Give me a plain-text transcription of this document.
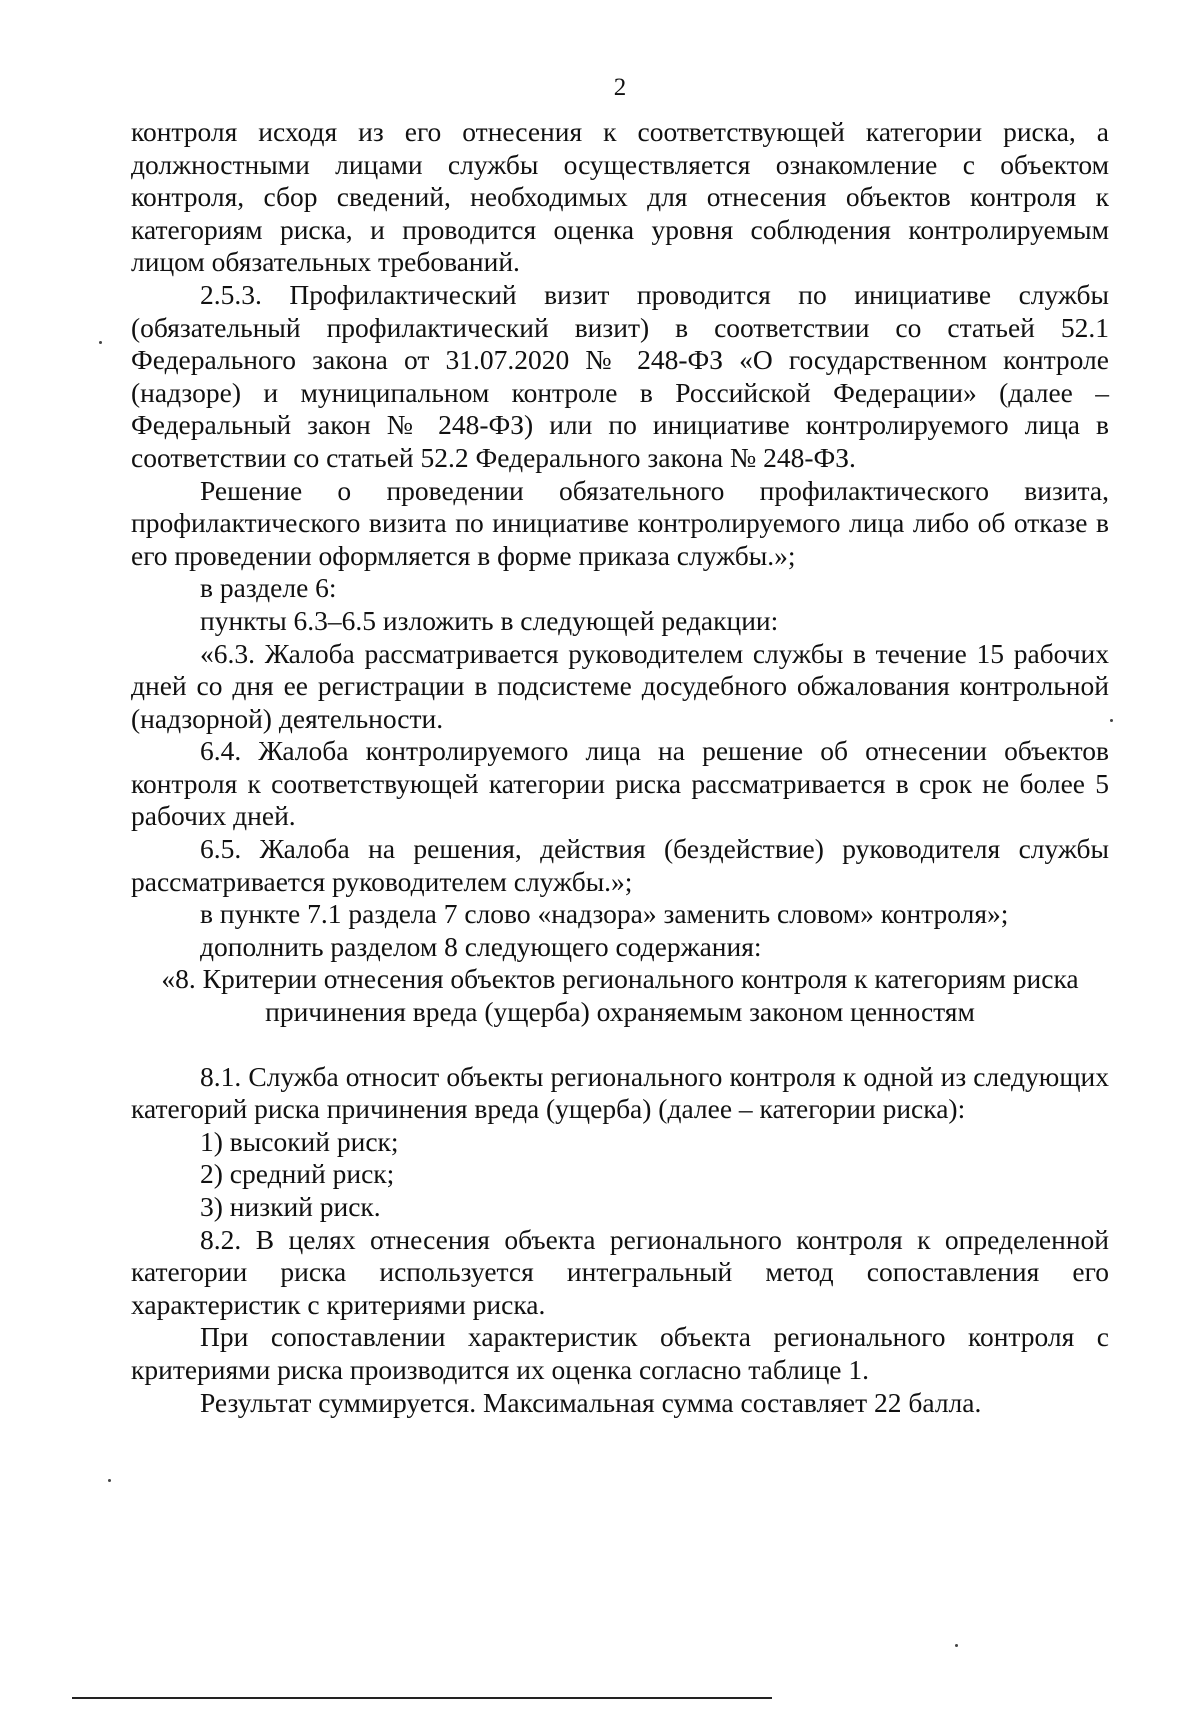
2

контроля исходя из его отнесения к соответствующей категории риска, а должностными лицами службы осуществляется ознакомление с объектом контроля, сбор сведений, необходимых для отнесения объектов контроля к категориям риска, и проводится оценка уровня соблюдения контролируемым лицом обязательных требований.

2.5.3. Профилактический визит проводится по инициативе службы (обязательный профилактический визит) в соответствии со статьей 52.1 Федерального закона от 31.07.2020 № 248-ФЗ «О государственном контроле (надзоре) и муниципальном контроле в Российской Федерации» (далее – Федеральный закон № 248-ФЗ) или по инициативе контролируемого лица в соответствии со статьей 52.2 Федерального закона № 248-ФЗ.

Решение о проведении обязательного профилактического визита, профилактического визита по инициативе контролируемого лица либо об отказе в его проведении оформляется в форме приказа службы.»;

в разделе 6:

пункты 6.3–6.5 изложить в следующей редакции:

«6.3. Жалоба рассматривается руководителем службы в течение 15 рабочих дней со дня ее регистрации в подсистеме досудебного обжалования контрольной (надзорной) деятельности.

6.4. Жалоба контролируемого лица на решение об отнесении объектов контроля к соответствующей категории риска рассматривается в срок не более 5 рабочих дней.

6.5. Жалоба на решения, действия (бездействие) руководителя службы рассматривается руководителем службы.»;

в пункте 7.1 раздела 7 слово «надзора» заменить словом» контроля»;

дополнить разделом 8 следующего содержания:

«8. Критерии отнесения объектов регионального контроля к категориям риска

причинения вреда (ущерба) охраняемым законом ценностям

8.1. Служба относит объекты регионального контроля к одной из следующих категорий риска причинения вреда (ущерба) (далее – категории риска):

1) высокий риск;

2) средний риск;

3) низкий риск.

8.2. В целях отнесения объекта регионального контроля к определенной категории риска используется интегральный метод сопоставления его характеристик с критериями риска.

При сопоставлении характеристик объекта регионального контроля с критериями риска производится их оценка согласно таблице 1.

Результат суммируется. Максимальная сумма составляет 22 балла.
